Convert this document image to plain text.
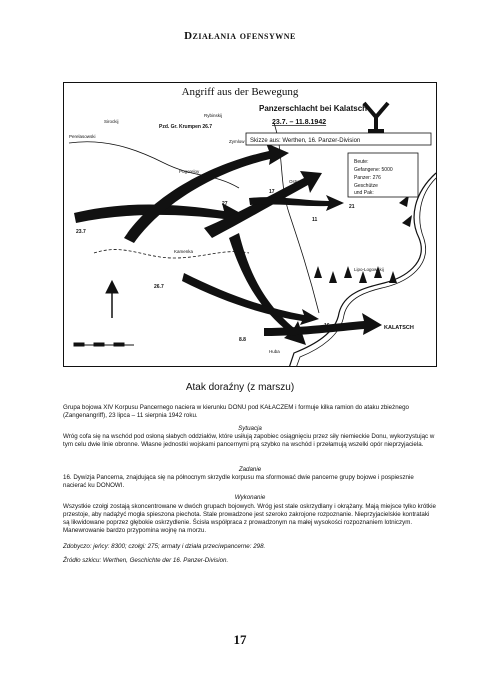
Działania ofensywne
Skizze aus: Werthen, 16. Panzer-Division
Panzerschlacht bei Kalatsch
23.7. – 11.8.1942
Beute:
Gefangene: 5000
Panzer: 276
Geschütze
und Pak:
Rybinskij
Sirockij
Zymlow
Perelasowski
Pogoreloy
Ostrowskij
Kamenka
Lipo-Logowskij
Huba
KALATSCH
Pzd. Gr. Krumpen 26.7
27	21
17
11
16
23.7
26.7
8.8
Angriff aus der Bewegung
Atak doraźny (z marszu)
Grupa bojowa XIV Korpusu Pancernego nacierа w kierunku DONU pod KAŁACZEM i formuje kilka ramion do ataku zbieżnego (Zangenangriff), 23 lipca – 11 sierpnia 1942 roku.
Sytuacja
Wróg cofa się na wschód pod osłoną słabych oddziałów, które usiłują zapobiec osiągnięciu przez siły niemieckie Donu, wykorzystując w tym celu dwie linie obronne. Własne jednostki wojskami pancernymi prą szybko na wschód i przełamują wszelki opór nieprzyjaciela.
Zadanie
16. Dywizja Pancerna, znajdująca się na północnym skrzydle korpusu ma sformować dwie pancerne grupy bojowe i pospiesznie nacierać ku DONOWI.
Wykonanie
Wszystkie czołgi zostają skoncentrowane w dwóch grupach bojowych. Wróg jest stale oskrzydlany i okrążany. Mają miejsce tylko krótkie przestoje, aby nadążyć mogła spieszona piechota. Stale prowadzone jest szeroko zakrojone rozpoznanie. Nieprzyjacielskie kontrataki są likwidowane poprzez głębokie oskrzydlenie. Ścisła współpraca z prowadzonym na małej wysokości rozpoznaniem lotniczym. Manewrowanie bardzo przypomina wojnę na morzu.
Zdobyczo: jeńcy: 8300; czołgi: 275; armaty i działa przeciwpancerne: 298.
Źródło szkicu: Werthen, Geschichte der 16. Panzer-Division.
17
